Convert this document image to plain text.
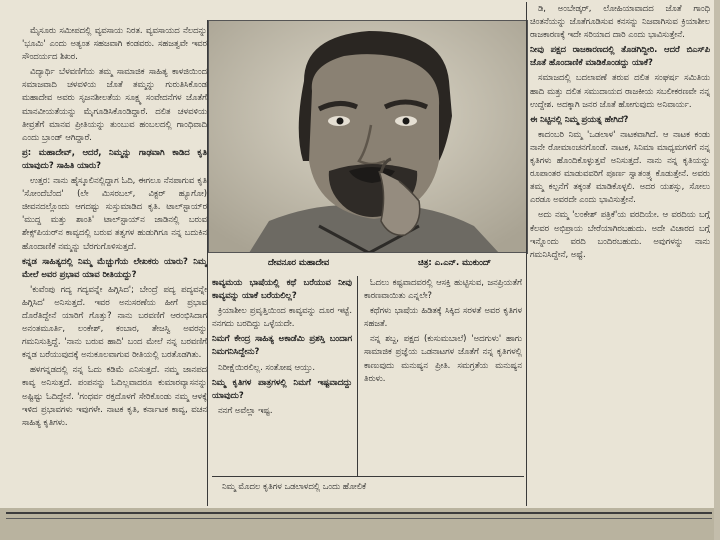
ಮೈಸೂರು ಸಮೀಪದಲ್ಲಿ ವ್ಯವಸಾಯ ನಿರತ. ವ್ಯವಸಾಯದ ನೆಲದನ್ನು 'ಭೂಮಿ' ಎಂದು ಅತ್ಯಂತ ಸಹಜವಾಗಿ ಕಂಡವರು. ಸಹಜತ್ವವೇ ಇವರ ಸೌಂದರ್ಯದ ಶಿಖರ.

ವಿದ್ಯಾರ್ಥಿ ಬೆಳವಣಿಗೆಯ ತಮ್ಮ ಸಾಮಾಜಿಕ ಸಾಹಿತ್ಯ ಕಾಳಜಿಯಿಂದ ಸಮಾಜವಾದಿ ಚಳವಳಿಯ ಜೊತೆ ತಮ್ಮನ್ನು ಗುರುತಿಸಿಕೊಂಡ ಮಹಾದೇವ ಅವರು ಸೃಜನಶೀಲತೆಯ ಸೂಕ್ಷ್ಮ ಸಂವೇದನೆಗಳ ಜೊತೆಗೆ ಮಾನವೀಯತೆಯನ್ನು ಮೈಗೂಡಿಸಿಕೊಂಡಿದ್ದಾರೆ. ದಲಿತ ಚಳವಳಿಯ ತೀವ್ರತೆಗೆ ಮಾನವ ಪ್ರೀತಿಯನ್ನು ತುಂಬುವ ಹಂಬಲದಲ್ಲಿ ಗಾಂಧಿವಾದಿ ಎಂದು ಬ್ರಾಂಡ್ ಆಗಿದ್ದಾರೆ.

ಪ್ರ: ಮಹಾದೇವ್, ಆದರೆ, ನಿಮ್ಮನ್ನು ಗಾಢವಾಗಿ ಕಾಡಿದ ಕೃತಿ ಯಾವುದು? ಸಾಹಿತಿ ಯಾರು?

ಉತ್ತರ: ನಾನು ಹೈಸ್ಕೂಲಿನಲ್ಲಿದ್ದಾಗ ಓದಿ, ಈಗಲೂ ನೆನಪಾಗುವ ಕೃತಿ 'ಸೋಂದೆಬೆಂದ' (ಲೇ ಮಿಸರಬಲ್, ವಿಕ್ಟರ್ ಹ್ಯೂಗೋ) ಜೀವನದಲ್ಲೊಂದು ಆಗದಷ್ಟು ಸುಸ್ತುಮಾಡಿದ ಕೃತಿ. ಟಾಲ್‌ಸ್ಟಾಯ್‌ರ 'ಮುದ್ದ ಮತ್ತು ಶಾಂತಿ' ಟಾಲ್‌ಸ್ಟಾಯ್‌ನ ಜಾಡಿನಲ್ಲಿ ಬರುವ ಶೇಕ್ಸ್‌ಪಿಯರ್‌ನ ಕಾವ್ಯದಲ್ಲಿ ಬರುವ ತತ್ವಗಳ ಹುಡುಗಿಗೂ ನನ್ನ ಬದುಕಿನ ಹೊಂದಾಣಿಕೆ ನಮ್ಮನ್ನು ಬೆರಗುಗೊಳಿಸುತ್ತದೆ.

ಕನ್ನಡ ಸಾಹಿತ್ಯದಲ್ಲಿ ನಿಮ್ಮ ಮೆಚ್ಚುಗೆಯ ಲೇಖಕರು ಯಾರು? ನಿಮ್ಮ ಮೇಲೆ ಅವರ ಪ್ರಭಾವ ಯಾವ ರೀತಿಯದ್ದು?

'ಕುವೆಂಪು ಗದ್ಯ ಗದ್ಯವನ್ನೇ ಹಿಗ್ಗಿಸಿದ'; ಬೇಂದ್ರೆ ಪದ್ಯ ಪದ್ಯವನ್ನೇ ಹಿಗ್ಗಿಸಿದ' ಅನಿಸುತ್ತದೆ. ಇವರ ಅನುಸರಣೆಯ ಹೀಗೆ ಪ್ರಭಾವ ದೊರೆತಿದ್ದೇನೆ ಯಾರಿಗೆ ಗೊತ್ತು? ನಾನು ಬರವಣಿಗೆ ಆರಂಭಿಸಿದಾಗ ಅನಂತಮೂರ್ತಿ, ಲಂಕೇಶ್, ಕಂಬಾರ, ತೇಜಸ್ವಿ ಅವರನ್ನು ಗಮನಿಸುತ್ತಿದ್ದೆ. 'ನಾನು ಬರುವ ಹಾದಿ' ಬಂದ ಮೇಲೆ ನನ್ನ ಬರವಣಿಗೆ ಕನ್ನಡ ಬರೆಯುವುದಕ್ಕೆ ಅನುಕೂಲವಾಗುವ ರೀತಿಯಲ್ಲಿ ಬರತೊಡಗಿತು.

ಹಳಗನ್ನಡದಲ್ಲಿ ನನ್ನ ಓದು ಕಡಿಮೆ ಎನಿಸುತ್ತದೆ. ನಮ್ಮ ಜಾನಪದ ಕಾವ್ಯ ಅನಿಸುತ್ತದೆ. ಪಂಪನನ್ನು ಓದಿಲ್ಲವಾದರೂ ಕುಮಾರವ್ಯಾಸನನ್ನು ಅಷ್ಟಿಷ್ಟು ಓದಿದ್ದೇನೆ. 'ಗಂಧರ್ವ ರಕ್ತದೊಳಗೆ ಸೇರಿಕೊಂಡು ನಮ್ಮ ಆಳಕ್ಕೆ ಇಳಿದ ಪ್ರಭಾವಗಳು ಇವುಗಳೇ. ನಾಟಕ ಕೃತಿ, ಕರ್ನಾಟಕ ಕಾವ್ಯ, ವಚನ ಸಾಹಿತ್ಯ ಕೃತಿಗಳು.

ದೇವನೂರ ಮಹಾದೇವ	ಚಿತ್ರ: ಎ.ಎನ್. ಮುಕುಂದ್

ಕಾವ್ಯಮಯ ಭಾಷೆಯಲ್ಲಿ ಕಥೆ ಬರೆಯುವ ನೀವು ಕಾವ್ಯವನ್ನು ಯಾಕೆ ಬರೆಯಲಿಲ್ಲ?

ಕ್ರಿಯಾಶೀಲ ಪ್ರವೃತ್ತಿಯಿಂದ ಕಾವ್ಯವನ್ನು ದೂರ ಇಟ್ಟೆ. ನನಗದು ಬರದಿದ್ದು ಒಳ್ಳೆಯದೇ.

ನಿಮಗೆ ಕೇಂದ್ರ ಸಾಹಿತ್ಯ ಅಕಾಡೆಮಿ ಪ್ರಶಸ್ತಿ ಬಂದಾಗ ನಿಮಗನಿಸಿದ್ದೇನು?

ನಿರೀಕ್ಷೆಯಿರಲಿಲ್ಲ. ಸಂತೋಷ ಆಯ್ತು.

ನಿಮ್ಮ ಕೃತಿಗಳ ಪಾತ್ರಗಳಲ್ಲಿ ನಿಮಗೆ ಇಷ್ಟವಾದದ್ದು ಯಾವುದು?

ನನಗೆ ಅವೆಲ್ಲಾ ಇಷ್ಟ.

ಓದಲು ಕಷ್ಟವಾದವರಲ್ಲಿ ಆಸಕ್ತಿ ಹುಟ್ಟಿಸುವ, ಜನಪ್ರಿಯತೆಗೆ ಕಾರಣವಾಯಿತು ಎನ್ನಲೇ?

ಕಥೆಗಳು ಭಾಷೆಯ ಹಿಡಿತಕ್ಕೆ ಸಿಕ್ಕಿದ ಸರಳತೆ ಅವರ ಕೃತಿಗಳ ಸಹಜತೆ.

ನನ್ನ ಶಬ್ದ, ಪಕ್ಷದ (ಕುಸುಮಬಾಲೆ) 'ಅದಗುಳು' ಹಾಗು ಸಾಮಾಜಿಕ ಪ್ರಜ್ಞೆಯ ಒಡನಾಟಗಳ ಜೊತೆಗೆ ನನ್ನ ಕೃತಿಗಳಲ್ಲಿ ಕಾಣುವುದು ಮನುಷ್ಯನ ಪ್ರೀತಿ. ಸಮಗ್ರತೆಯ ಮನುಷ್ಯನ ತಿರುಳು.

ನಿಮ್ಮ ಮೊದಲ ಕೃತಿಗಳ ಒಡಲಾಳದಲ್ಲಿ ಒಂದು ಹೋಲಿಕೆ

ಡಿ, ಅಂಬೇಡ್ಕರ್, ಲೋಹಿಯಾವಾದದ ಜೊತೆ ಗಾಂಧಿ ಚಿಂತನೆಯನ್ನು ಜೊತೆಗೂಡಿಸುವ ಕನಸನ್ನು ನಿಜವಾಗಿಸುವ ಕ್ರಿಯಾಶೀಲ ರಾಜಕಾರಣಕ್ಕೆ ಇದೇ ಸರಿಯಾದ ದಾರಿ ಎಂದು ಭಾವಿಸುತ್ತೇನೆ.

ನೀವು ಪಕ್ಷದ ರಾಜಕಾರಣದಲ್ಲಿ ತೊಡಗಿದ್ದೀರಿ. ಆದರೆ ಬಿಎಸ್‌ಪಿ ಜೊತೆ ಹೊಂದಾಣಿಕೆ ಮಾಡಿಕೊಂಡದ್ದು ಯಾಕೆ?

ಸಮಾಜದಲ್ಲಿ ಬದಲಾವಣೆ ತರುವ ದಲಿತ ಸಂಘರ್ಷ ಸಮಿತಿಯ ಹಾದಿ ಮತ್ತು ದಲಿತ ಸಮುದಾಯದ ರಾಜಕೀಯ ಸಬಲೀಕರಣವೇ ನನ್ನ ಉದ್ದೇಶ. ಅದಕ್ಕಾಗಿ ಜನರ ಜೊತೆ ಹೋಗುವುದು ಅನಿವಾರ್ಯ.

ಈ ನಿಟ್ಟಿನಲ್ಲಿ ನಿಮ್ಮ ಪ್ರಯತ್ನ ಹೇಗಿದೆ?

ಕಾದಂಬರಿ ನಿಮ್ಮ 'ಒಡಲಾಳ' ನಾಟಕವಾಗಿದೆ. ಆ ನಾಟಕ ಕಂಡು ನಾನೇ ರೋಮಾಂಚನಗೊಂಡೆ. ನಾಟಕ, ಸಿನಿಮಾ ಮಾಧ್ಯಮಗಳಿಗೆ ನನ್ನ ಕೃತಿಗಳು ಹೊಂದಿಕೊಳ್ಳುತ್ತವೆ ಅನಿಸುತ್ತದೆ. ನಾನು ನನ್ನ ಕೃತಿಯನ್ನು ರೂಪಾಂತರ ಮಾಡುವವರಿಗೆ ಪೂರ್ಣ ಸ್ವಾತಂತ್ರ್ಯ ಕೊಡುತ್ತೇನೆ. ಅವರು ತಮ್ಮ ಕಲ್ಪನೆಗೆ ತಕ್ಕಂತೆ ಮಾಡಿಕೊಳ್ಳಲಿ. ಅದರ ಯಶಸ್ಸು, ಸೋಲು ಎರಡೂ ಅವರದೇ ಎಂದು ಭಾವಿಸುತ್ತೇನೆ.

ಅದು ನಮ್ಮ 'ಲಂಕೇಶ್ ಪತ್ರಿಕೆ'ಯ ವರದಿಯೇ. ಆ ವರದಿಯ ಬಗ್ಗೆ ಕೆಲವರ ಅಭಿಪ್ರಾಯ ಬೇರೆಯಾಗಿರಬಹುದು. ಅದೇ ವಿಚಾರದ ಬಗ್ಗೆ ಇನ್ನೊಂದು ವರದಿ ಬಂದಿರಬಹುದು. ಅವುಗಳನ್ನು ನಾನು ಗಮನಿಸಿದ್ದೇನೆ, ಅಷ್ಟೆ.
